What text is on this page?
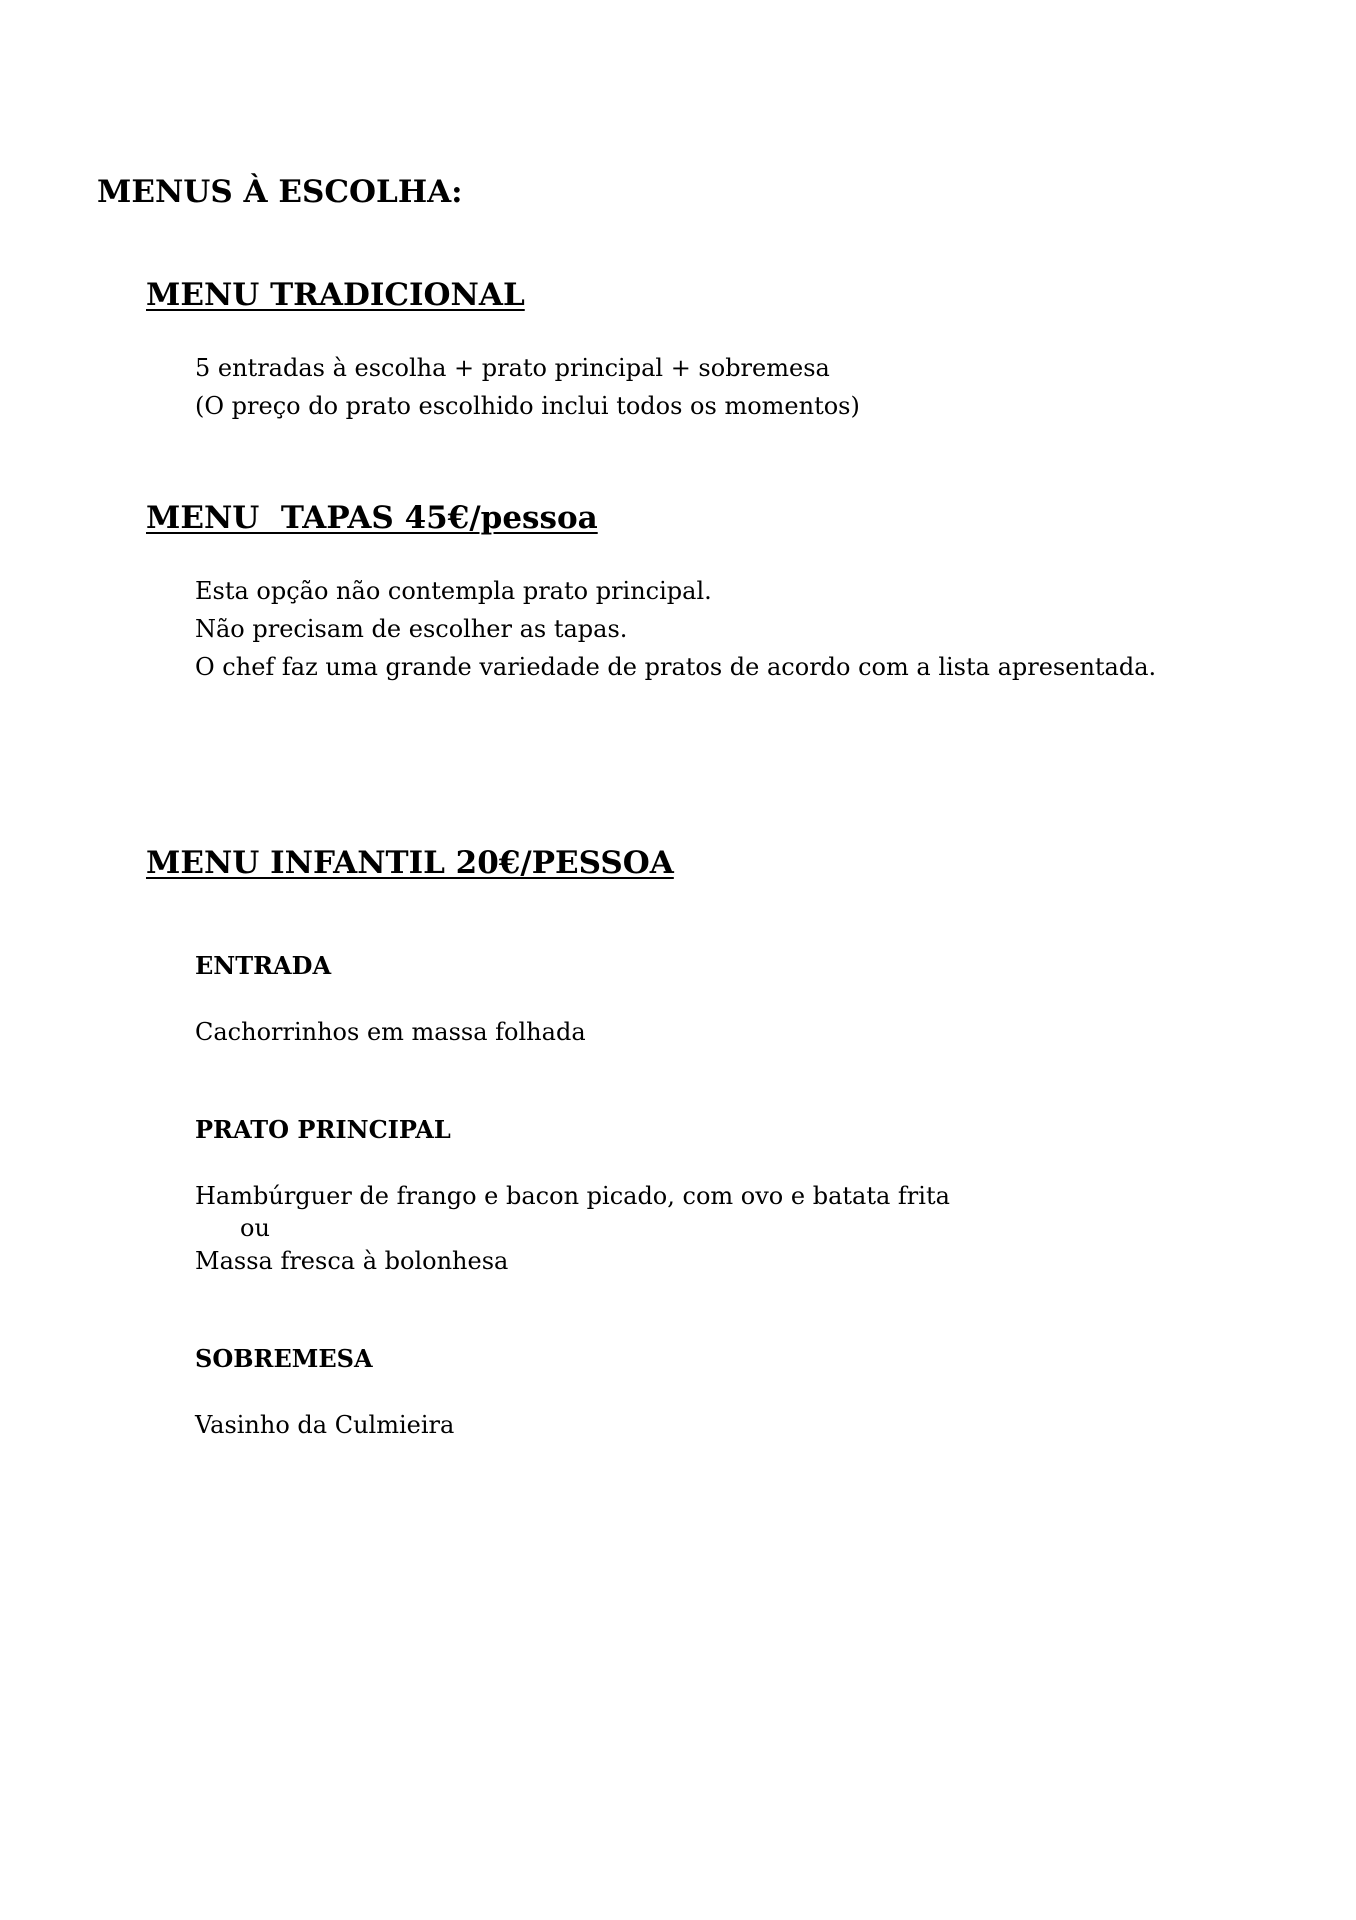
MENUS À ESCOLHA:
MENU TRADICIONAL

5 entradas à escolha + prato principal + sobremesa

(O preço do prato escolhido inclui todos os momentos)

MENU  TAPAS 45€/pessoa

Esta opção não contempla prato principal.

Não precisam de escolher as tapas.

O chef faz uma grande variedade de pratos de acordo com a lista apresentada.

MENU INFANTIL 20€/PESSOA
ENTRADA

Cachorrinhos em massa folhada

PRATO PRINCIPAL

Hambúrguer de frango e bacon picado, com ovo e batata frita

ou

Massa fresca à bolonhesa

SOBREMESA

Vasinho da Culmieira
